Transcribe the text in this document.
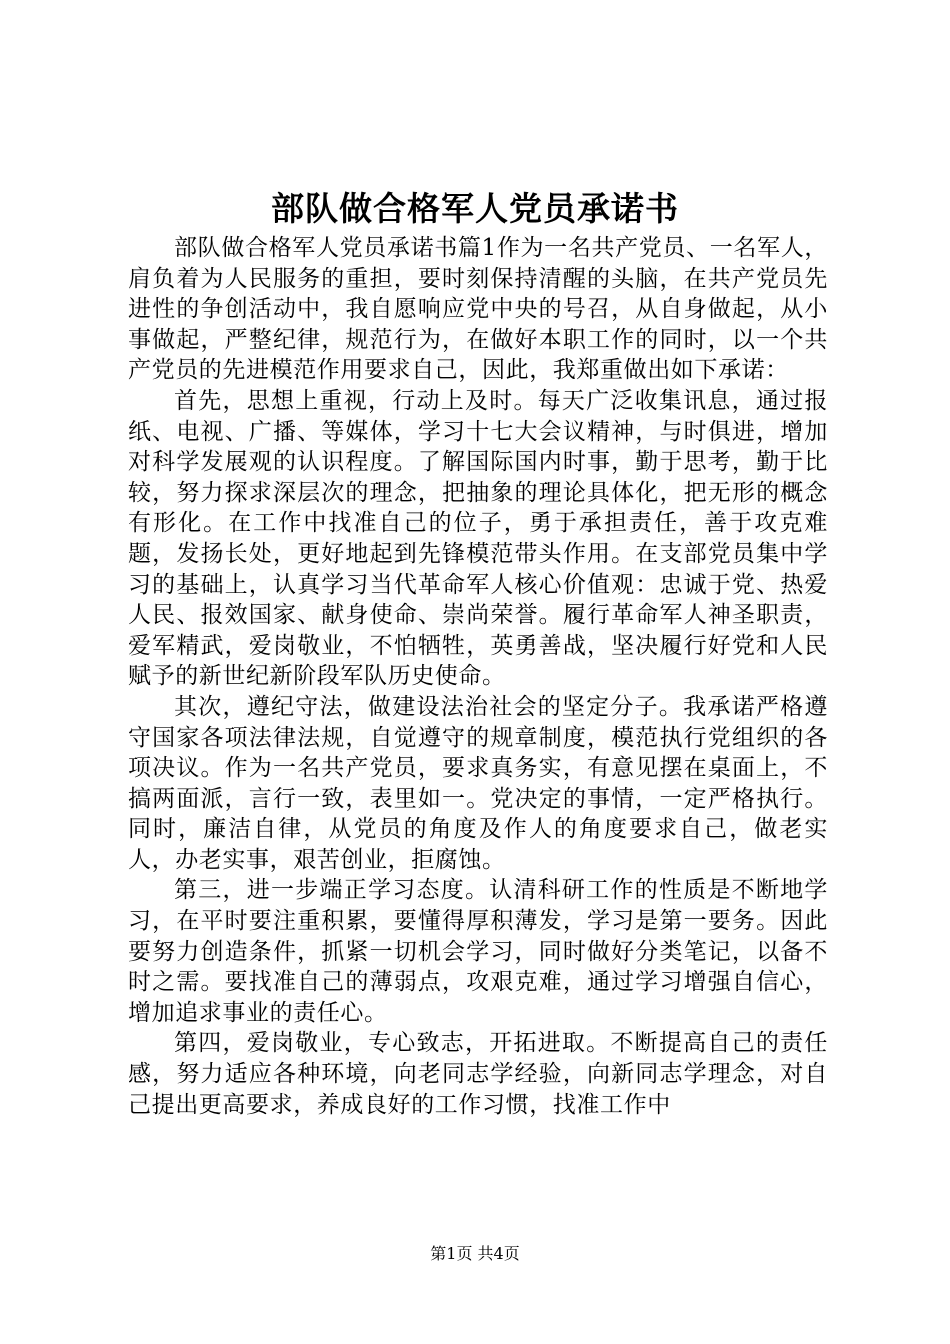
部队做合格军人党员承诺书

部队做合格军人党员承诺书篇1作为一名共产党员、一名军人，肩负着为人民服务的重担，要时刻保持清醒的头脑，在共产党员先进性的争创活动中，我自愿响应党中央的号召，从自身做起，从小事做起，严整纪律，规范行为，在做好本职工作的同时，以一个共产党员的先进模范作用要求自己，因此，我郑重做出如下承诺：

首先，思想上重视，行动上及时。每天广泛收集讯息，通过报纸、电视、广播、等媒体，学习十七大会议精神，与时俱进，增加对科学发展观的认识程度。了解国际国内时事，勤于思考，勤于比较，努力探求深层次的理念，把抽象的理论具体化，把无形的概念有形化。在工作中找准自己的位子，勇于承担责任，善于攻克难题，发扬长处，更好地起到先锋模范带头作用。在支部党员集中学习的基础上，认真学习当代革命军人核心价值观：忠诚于党、热爱人民、报效国家、献身使命、崇尚荣誉。履行革命军人神圣职责，爱军精武，爱岗敬业，不怕牺牲，英勇善战，坚决履行好党和人民赋予的新世纪新阶段军队历史使命。

其次，遵纪守法，做建设法治社会的坚定分子。我承诺严格遵守国家各项法律法规，自觉遵守的规章制度，模范执行党组织的各项决议。作为一名共产党员，要求真务实，有意见摆在桌面上，不搞两面派，言行一致，表里如一。党决定的事情，一定严格执行。同时，廉洁自律，从党员的角度及作人的角度要求自己，做老实人，办老实事，艰苦创业，拒腐蚀。

第三，进一步端正学习态度。认清科研工作的性质是不断地学习，在平时要注重积累，要懂得厚积薄发，学习是第一要务。因此要努力创造条件，抓紧一切机会学习，同时做好分类笔记，以备不时之需。要找准自己的薄弱点，攻艰克难，通过学习增强自信心，增加追求事业的责任心。

第四，爱岗敬业，专心致志，开拓进取。不断提高自己的责任感，努力适应各种环境，向老同志学经验，向新同志学理念，对自己提出更高要求，养成良好的工作习惯，找准工作中

第1页 共4页
